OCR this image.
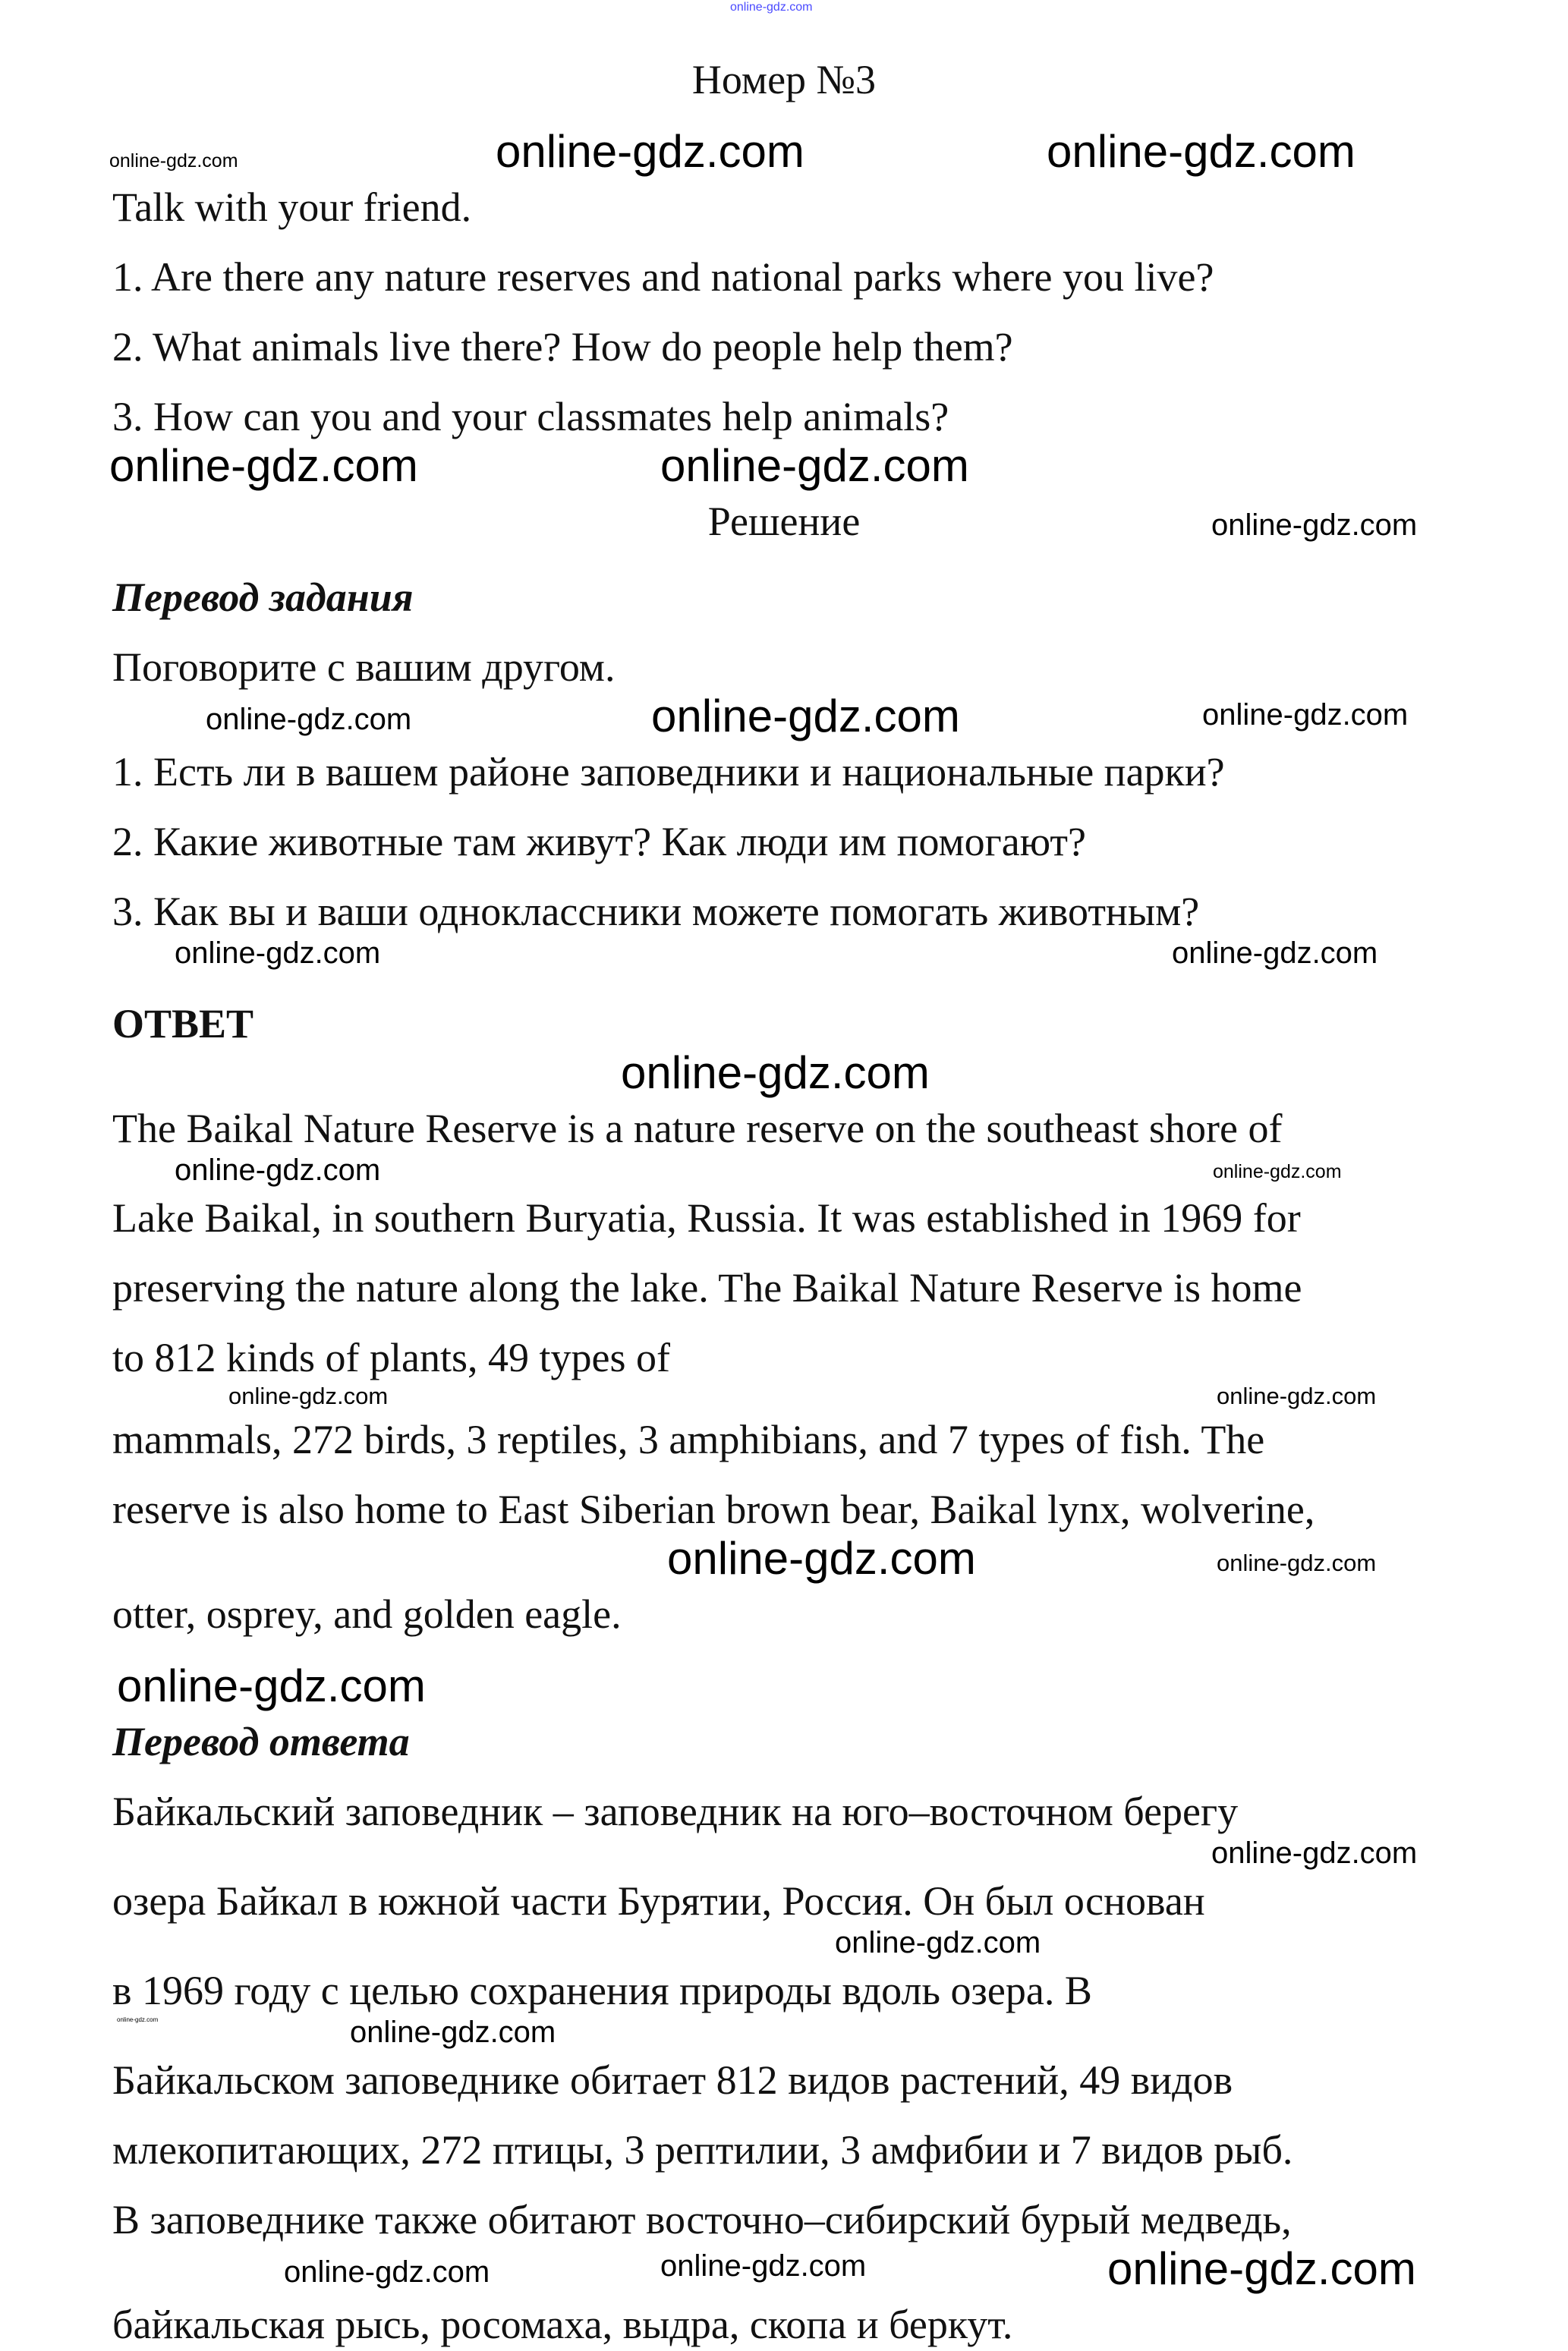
online-gdz.com
Номер №3
online-gdz.com	online-gdz.com	online-gdz.com
Talk with your friend.
1. Are there any nature reserves and national parks where you live?
2. What animals live there? How do people help them?
3. How can you and your classmates help animals?
online-gdz.com	online-gdz.com
Решение	online-gdz.com
Перевод задания
Поговорите с вашим другом.
online-gdz.com	online-gdz.com	online-gdz.com
1. Есть ли в вашем районе заповедники и национальные парки?
2. Какие животные там живут? Как люди им помогают?
3. Как вы и ваши одноклассники можете помогать животным?
online-gdz.com	online-gdz.com
ОТВЕТ
online-gdz.com
The Baikal Nature Reserve is a nature reserve on the southeast shore of
online-gdz.com	online-gdz.com
Lake Baikal, in southern Buryatia, Russia. It was established in 1969 for
preserving the nature along the lake. The Baikal Nature Reserve is home
to 812 kinds of plants, 49 types of
online-gdz.com	online-gdz.com
mammals, 272 birds, 3 reptiles, 3 amphibians, and 7 types of fish. The
reserve is also home to East Siberian brown bear, Baikal lynx, wolverine,
online-gdz.com	online-gdz.com
otter, osprey, and golden eagle.
online-gdz.com
Перевод ответа
Байкальский заповедник – заповедник на юго–восточном берегу
online-gdz.com
озера Байкал в южной части Бурятии, Россия. Он был основан
online-gdz.com
в 1969 году с целью сохранения природы вдоль озера. В
online-gdz.com	online-gdz.com
Байкальском заповеднике обитает 812 видов растений, 49 видов
млекопитающих, 272 птицы, 3 рептилии, 3 амфибии и 7 видов рыб.
В заповеднике также обитают восточно–сибирский бурый медведь,
online-gdz.com	online-gdz.com	online-gdz.com
байкальская рысь, росомаха, выдра, скопа и беркут.
